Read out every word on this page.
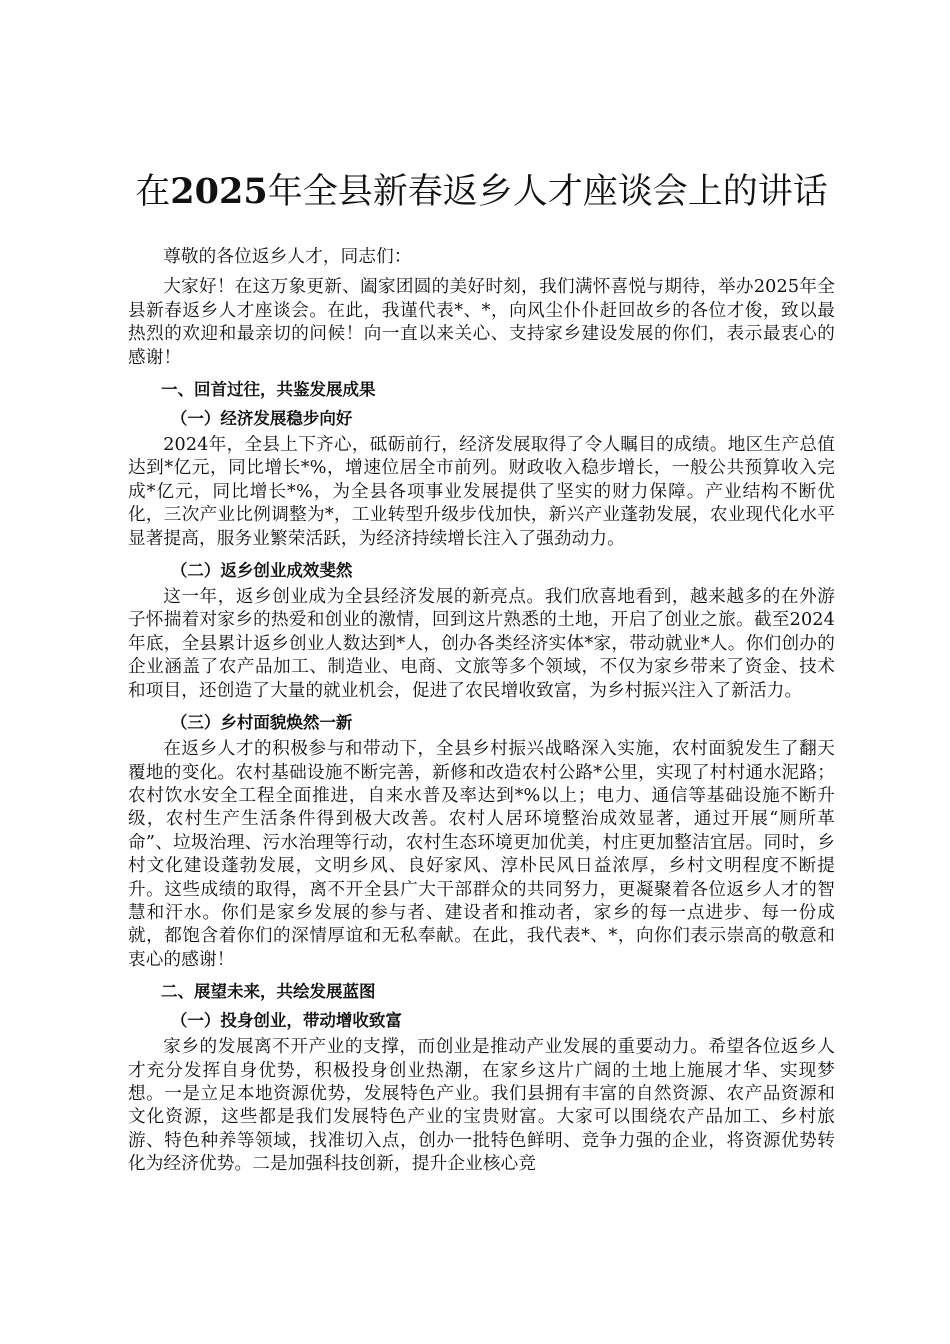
在2025年全县新春返乡人才座谈会上的讲话

尊敬的各位返乡人才，同志们：

大家好！在这万象更新、阖家团圆的美好时刻，我们满怀喜悦与期待，举办2025年全县新春返乡人才座谈会。在此，我谨代表*、*，向风尘仆仆赶回故乡的各位才俊，致以最热烈的欢迎和最亲切的问候！向一直以来关心、支持家乡建设发展的你们，表示最衷心的感谢！

一、回首过往，共鉴发展成果
（一）经济发展稳步向好

2024年，全县上下齐心，砥砺前行，经济发展取得了令人瞩目的成绩。地区生产总值达到*亿元，同比增长*%，增速位居全市前列。财政收入稳步增长，一般公共预算收入完成*亿元，同比增长*%，为全县各项事业发展提供了坚实的财力保障。产业结构不断优化，三次产业比例调整为*，工业转型升级步伐加快，新兴产业蓬勃发展，农业现代化水平显著提高，服务业繁荣活跃，为经济持续增长注入了强劲动力。

（二）返乡创业成效斐然

这一年，返乡创业成为全县经济发展的新亮点。我们欣喜地看到，越来越多的在外游子怀揣着对家乡的热爱和创业的激情，回到这片熟悉的土地，开启了创业之旅。截至2024年底，全县累计返乡创业人数达到*人，创办各类经济实体*家，带动就业*人。你们创办的企业涵盖了农产品加工、制造业、电商、文旅等多个领域，不仅为家乡带来了资金、技术和项目，还创造了大量的就业机会，促进了农民增收致富，为乡村振兴注入了新活力。

（三）乡村面貌焕然一新

在返乡人才的积极参与和带动下，全县乡村振兴战略深入实施，农村面貌发生了翻天覆地的变化。农村基础设施不断完善，新修和改造农村公路*公里，实现了村村通水泥路；农村饮水安全工程全面推进，自来水普及率达到*%以上；电力、通信等基础设施不断升级，农村生产生活条件得到极大改善。农村人居环境整治成效显著，通过开展“厕所革命”、垃圾治理、污水治理等行动，农村生态环境更加优美，村庄更加整洁宜居。同时，乡村文化建设蓬勃发展，文明乡风、良好家风、淳朴民风日益浓厚，乡村文明程度不断提升。这些成绩的取得，离不开全县广大干部群众的共同努力，更凝聚着各位返乡人才的智慧和汗水。你们是家乡发展的参与者、建设者和推动者，家乡的每一点进步、每一份成就，都饱含着你们的深情厚谊和无私奉献。在此，我代表*、*，向你们表示崇高的敬意和衷心的感谢！

二、展望未来，共绘发展蓝图
（一）投身创业，带动增收致富

家乡的发展离不开产业的支撑，而创业是推动产业发展的重要动力。希望各位返乡人才充分发挥自身优势，积极投身创业热潮，在家乡这片广阔的土地上施展才华、实现梦想。一是立足本地资源优势，发展特色产业。我们县拥有丰富的自然资源、农产品资源和文化资源，这些都是我们发展特色产业的宝贵财富。大家可以围绕农产品加工、乡村旅游、特色种养等领域，找准切入点，创办一批特色鲜明、竞争力强的企业，将资源优势转化为经济优势。二是加强科技创新，提升企业核心竞
